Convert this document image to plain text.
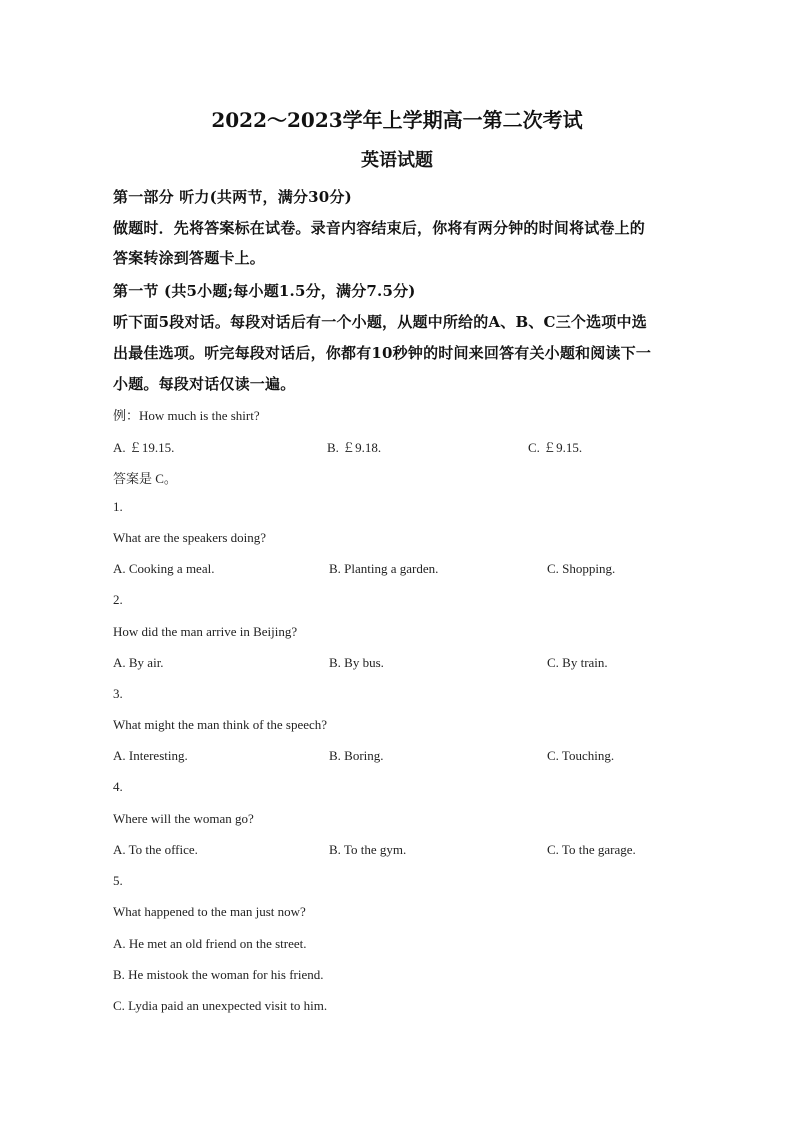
2022～2023学年上学期高一第二次考试
英语试题
第一部分 听力(共两节，满分30分)
做题时．先将答案标在试卷。录音内容结束后，你将有两分钟的时间将试卷上的
答案转涂到答题卡上。
第一节 (共5小题;每小题1.5分，满分7.5分)
听下面5段对话。每段对话后有一个小题，从题中所给的A、B、C三个选项中选
出最佳选项。听完每段对话后，你都有10秒钟的时间来回答有关小题和阅读下一
小题。每段对话仅读一遍。
例：How much is the shirt?
A. ￡19.15.	B. ￡9.18.	C. ￡9.15.
答案是 C。
1.
What are the speakers doing?
A. Cooking a meal.	B. Planting a garden.	C. Shopping.
2.
How did the man arrive in Beijing?
A. By air.	B. By bus.	C. By train.
3.
What might the man think of the speech?
A. Interesting.	B. Boring.	C. Touching.
4.
Where will the woman go?
A. To the office.	B. To the gym.	C. To the garage.
5.
What happened to the man just now?
A. He met an old friend on the street.
B. He mistook the woman for his friend.
C. Lydia paid an unexpected visit to him.
